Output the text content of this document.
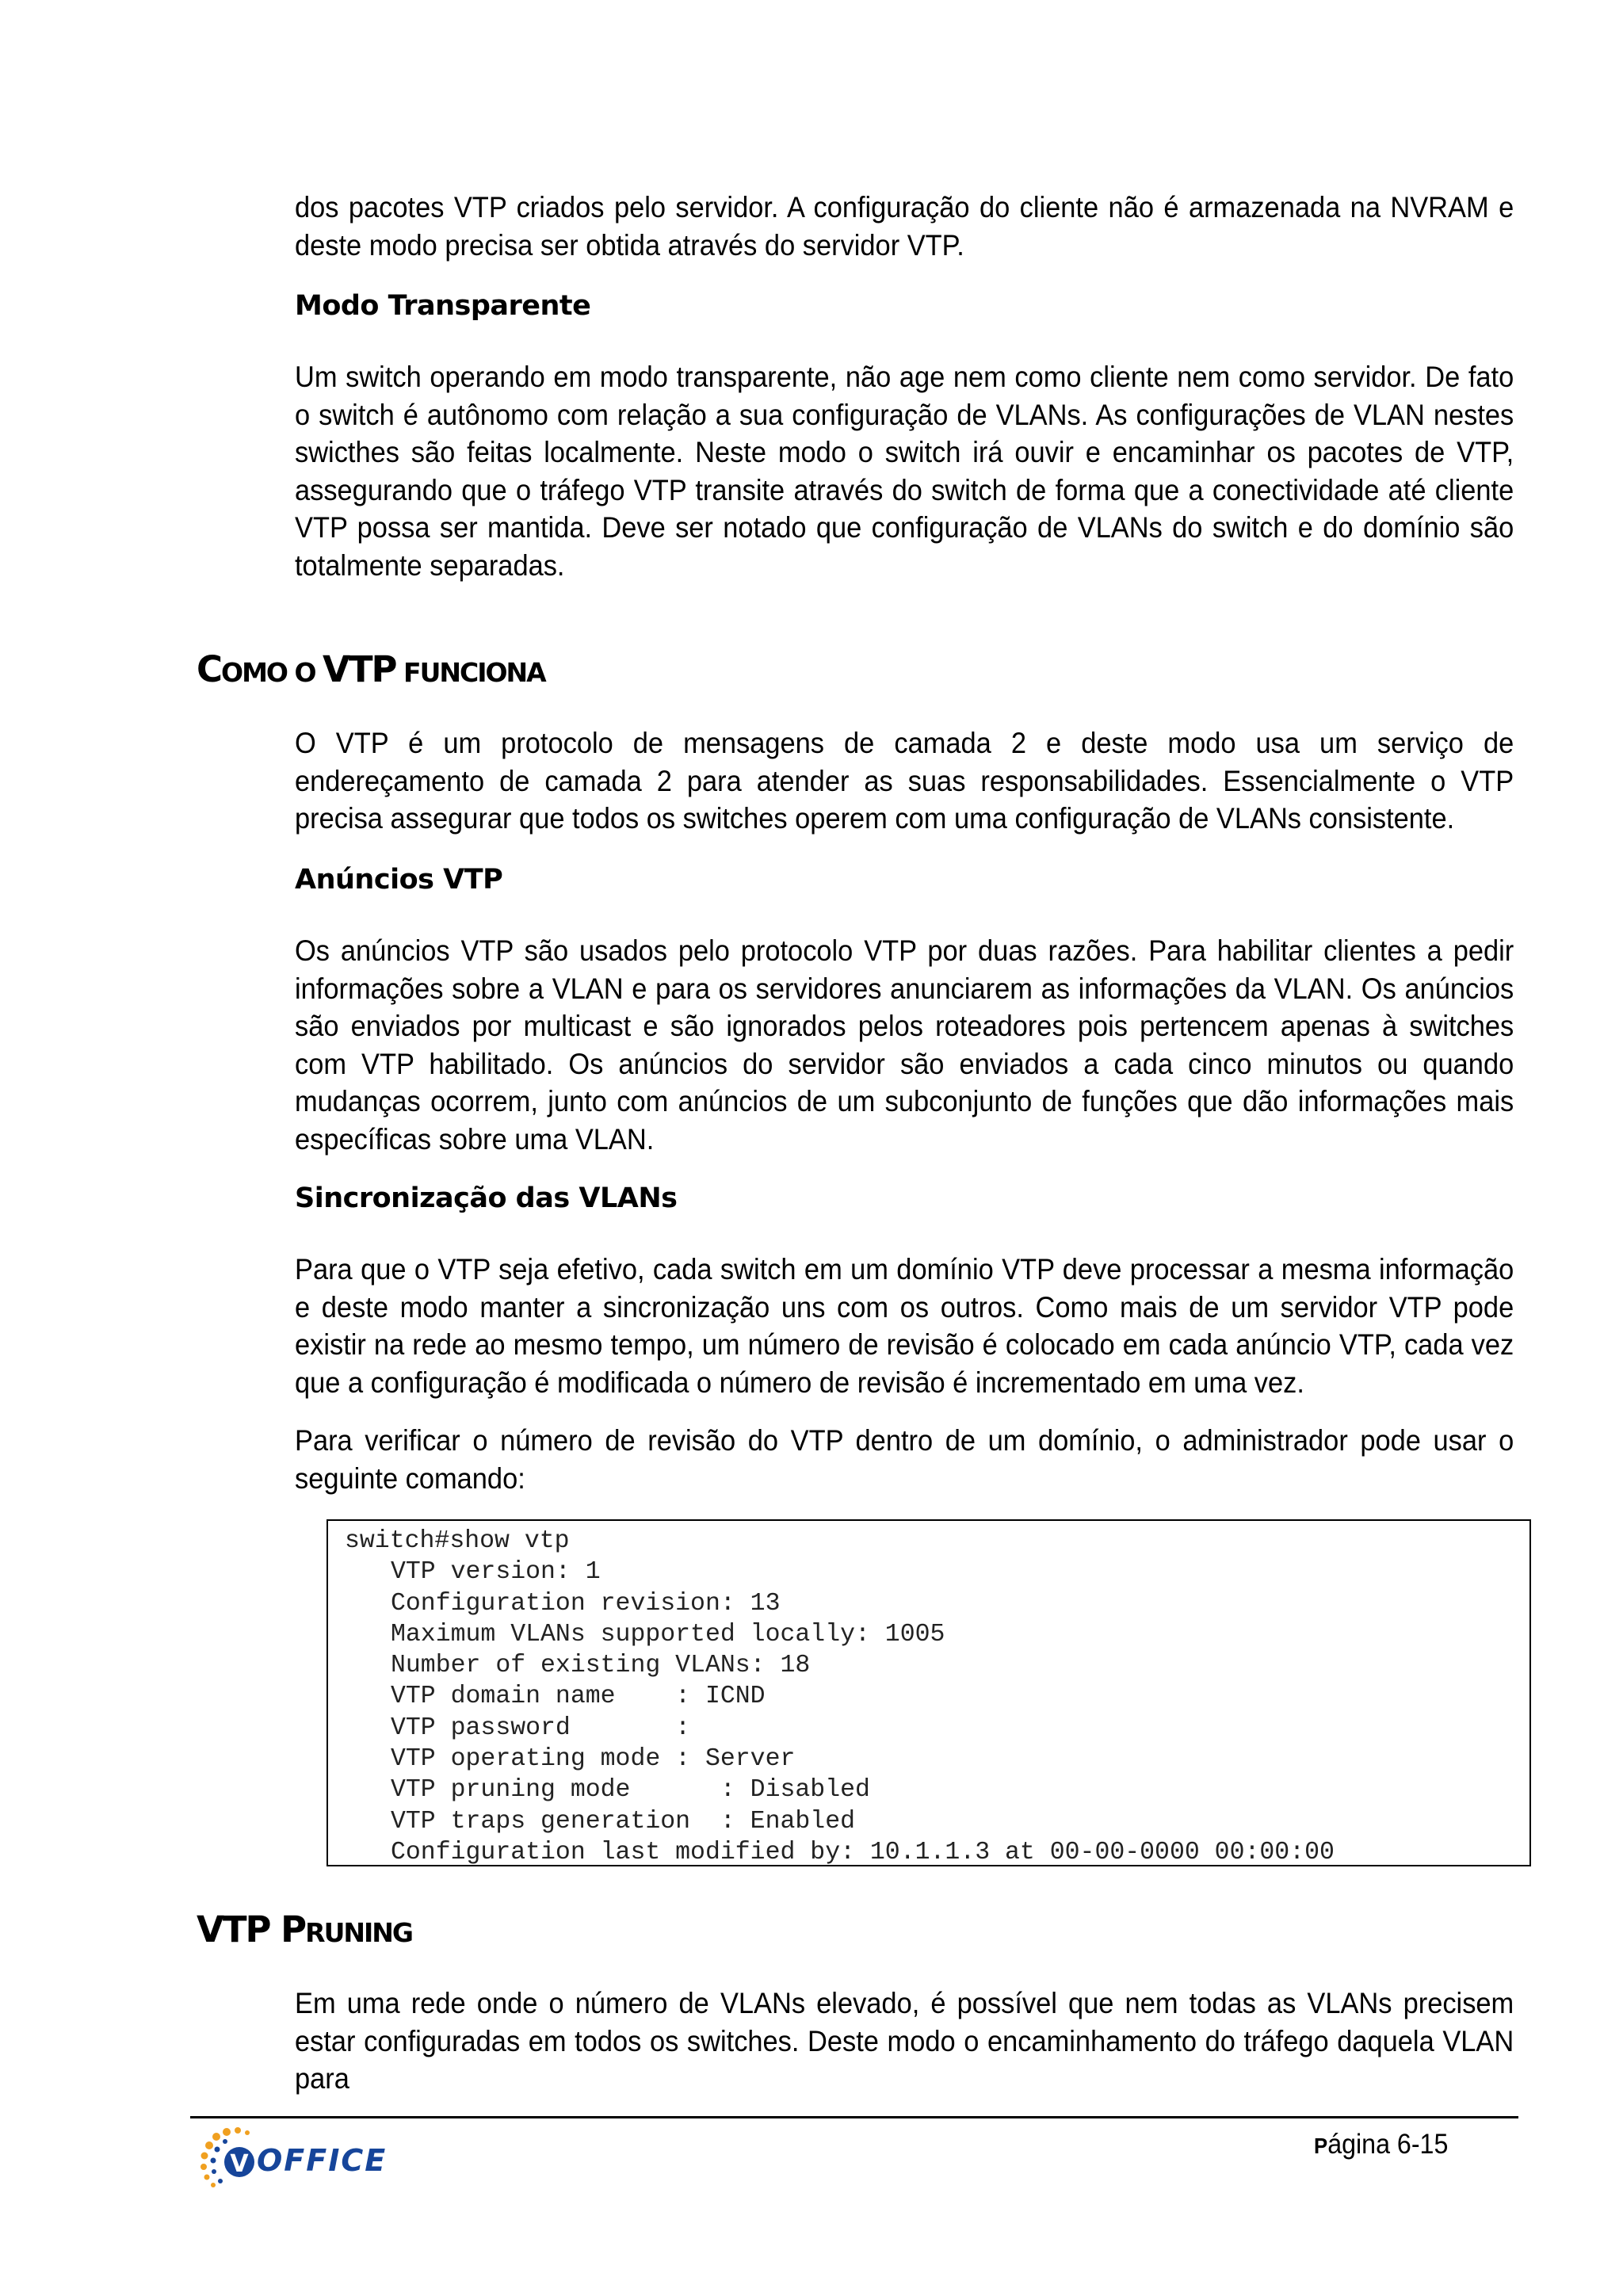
dos pacotes VTP criados pelo servidor. A configuração do cliente não é armazenada na NVRAM e deste modo precisa ser obtida através do servidor VTP.
Modo Transparente
Um switch operando em modo transparente, não age nem como cliente nem como servidor. De fato o switch é autônomo com relação a sua configuração de VLANs. As configurações de VLAN nestes swicthes são feitas localmente. Neste modo o switch irá ouvir e encaminhar os pacotes de VTP, assegurando que o tráfego VTP transite através do switch de forma que a conectividade até cliente VTP possa ser mantida. Deve ser notado que configuração de VLANs do switch e do domínio são totalmente separadas.
COMO O VTP FUNCIONA
O VTP é um protocolo de mensagens de camada 2 e deste modo usa um serviço de endereçamento de camada 2 para atender as suas responsabilidades. Essencialmente o VTP precisa assegurar que todos os switches operem com uma configuração de VLANs consistente.
Anúncios VTP
Os anúncios VTP são usados pelo protocolo VTP por duas razões. Para habilitar clientes a pedir informações sobre a VLAN e para os servidores anunciarem as informações da VLAN. Os anúncios são enviados por multicast e são ignorados pelos roteadores pois pertencem apenas à switches com VTP habilitado. Os anúncios do servidor são enviados a cada cinco minutos ou quando mudanças ocorrem, junto com anúncios de um subconjunto de funções que dão informações mais específicas sobre uma VLAN.
Sincronização das VLANs
Para que o VTP seja efetivo, cada switch em um domínio VTP deve processar a mesma informação e deste modo manter a sincronização uns com os outros. Como mais de um servidor VTP pode existir na rede ao mesmo tempo, um número de revisão é colocado em cada anúncio VTP, cada vez que a configuração é modificada o número de revisão é incrementado em uma vez.
Para verificar o número de revisão do VTP dentro de um domínio, o administrador pode usar o seguinte comando:
switch#show vtp
VTP version: 1
Configuration revision: 13
Maximum VLANs supported locally: 1005
Number of existing VLANs: 18
VTP domain name    : ICND
VTP password       :
VTP operating mode : Server
VTP pruning mode      : Disabled
VTP traps generation  : Enabled
Configuration last modified by: 10.1.1.3 at 00-00-0000 00:00:00
VTP PRUNING
Em uma rede onde o número de VLANs elevado, é possível que nem todas as VLANs precisem estar configuradas em todos os switches. Deste modo o encaminhamento do tráfego daquela VLAN para
V OFFICE	Página 6-15
